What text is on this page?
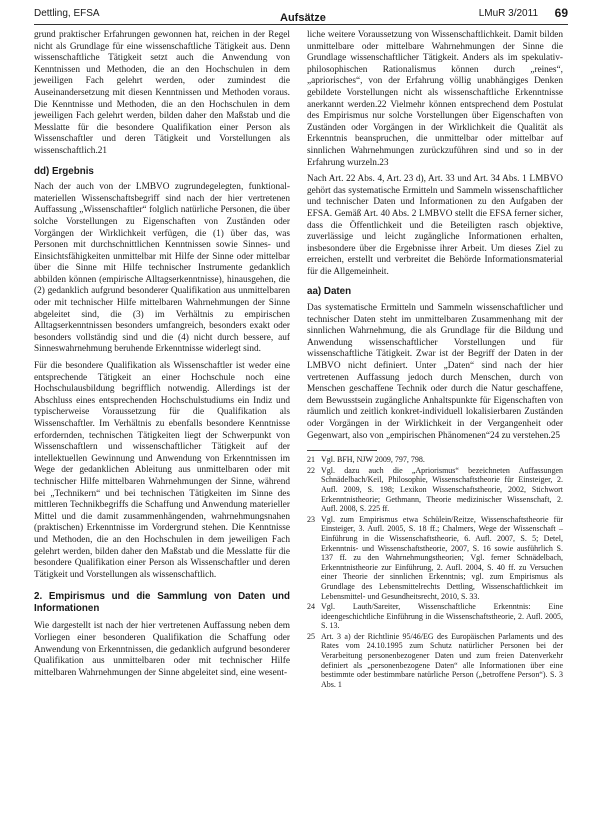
Dettling, EFSA	Aufsätze	LMuR 3/2011 69

grund praktischer Erfahrungen gewonnen hat, reichen in der Regel nicht als Grundlage für eine wissenschaftliche Tätigkeit aus. Denn wissenschaftliche Tätigkeit setzt auch die Anwendung von Kenntnissen und Methoden, die an den Hochschulen in dem jeweiligen Fach gelehrt werden, oder zumindest die Auseinandersetzung mit diesen Kenntnissen und Methoden voraus. Die Kenntnisse und Methoden, die an den Hochschulen in dem jeweiligen Fach gelehrt werden, bilden daher den Maßstab und die Messlatte für die besondere Qualifikation einer Person als Wissenschaftler und deren Tätigkeit und Vorstellungen als wissenschaftlich.21

dd) Ergebnis

Nach der auch von der LMBVO zugrundegelegten, funktional-materiellen Wissenschaftsbegriff sind nach der hier vertretenen Auffassung „Wissenschaftler“ folglich natürliche Personen, die über solche Vorstellungen zu Eigenschaften von Zuständen oder Vorgängen der Wirklichkeit verfügen, die (1) über das, was Personen mit durchschnittlichen Kenntnissen sowie Sinnes- und Einsichtsfähigkeiten unmittelbar mit Hilfe der Sinne oder mittelbar über die Sinne mit Hilfe technischer Instrumente gedanklich abbilden können (empirische Alltagserkenntnisse), hinausgehen, die (2) gedanklich aufgrund besonderer Qualifikation aus unmittelbaren oder mit technischer Hilfe mittelbaren Wahrnehmungen der Sinne abgeleitet sind, die (3) im Verhältnis zu empirischen Alltagserkenntnissen besonders umfangreich, besonders exakt oder besonders vollständig sind und die (4) nicht durch bessere, auf Sinneswahrnehmung beruhende Erkenntnisse widerlegt sind.

Für die besondere Qualifikation als Wissenschaftler ist weder eine entsprechende Tätigkeit an einer Hochschule noch eine Hochschulausbildung begrifflich notwendig. Allerdings ist der Abschluss eines entsprechenden Hochschulstudiums ein Indiz und typischerweise Voraussetzung für die Qualifikation als Wissenschaftler. Im Verhältnis zu ebenfalls besondere Kenntnisse erfordernden, technischen Tätigkeiten liegt der Schwerpunkt von Wissenschaftlern und wissenschaftlicher Tätigkeit auf der intellektuellen Gewinnung und Anwendung von Erkenntnissen im Wege der gedanklichen Ableitung aus unmittelbaren oder mit technischer Hilfe mittelbaren Wahrnehmungen der Sinne, während bei „Technikern“ und bei technischen Tätigkeiten im Sinne des mittleren Technikbegriffs die Schaffung und Anwendung materieller Mittel und die damit zusammenhängenden, wahrnehmungsnahen (praktischen) Erkenntnisse im Vordergrund stehen. Die Kenntnisse und Methoden, die an den Hochschulen in dem jeweiligen Fach gelehrt werden, bilden daher den Maßstab und die Messlatte für die besondere Qualifikation einer Person als Wissenschaftler und deren Tätigkeit und Vorstellungen als wissenschaftlich.

2. Empirismus und die Sammlung von Daten und Informationen

Wie dargestellt ist nach der hier vertretenen Auffassung neben dem Vorliegen einer besonderen Qualifikation die Schaffung oder Anwendung von Erkenntnissen, die gedanklich aufgrund besonderer Qualifikation aus unmittelbaren oder mit technischer Hilfe mittelbaren Wahrnehmungen der Sinne abgeleitet sind, eine wesent-

liche weitere Voraussetzung von Wissenschaftlichkeit. Damit bilden unmittelbare oder mittelbare Wahrnehmungen der Sinne die Grundlage wissenschaftlicher Tätigkeit. Anders als im spekulativ-philosophischen Rationalismus können durch „reines“, „apriorisches“, von der Erfahrung völlig unabhängiges Denken gebildete Vorstellungen nicht als wissenschaftliche Erkenntnisse anerkannt werden.22 Vielmehr können entsprechend dem Postulat des Empirismus nur solche Vorstellungen über Eigenschaften von Zuständen oder Vorgängen in der Wirklichkeit die Qualität als Erkenntnis beanspruchen, die unmittelbar oder mittelbar auf sinnlichen Wahrnehmungen zurückzuführen sind und so in der Erfahrung wurzeln.23

Nach Art. 22 Abs. 4, Art. 23 d), Art. 33 und Art. 34 Abs. 1 LMBVO gehört das systematische Ermitteln und Sammeln wissenschaftlicher und technischer Daten und Informationen zu den Aufgaben der EFSA. Gemäß Art. 40 Abs. 2 LMBVO stellt die EFSA ferner sicher, dass die Öffentlichkeit und die Beteiligten rasch objektive, zuverlässige und leicht zugängliche Informationen erhalten, insbesondere über die Ergebnisse ihrer Arbeit. Um dieses Ziel zu erreichen, erstellt und verbreitet die Behörde Informationsmaterial für die Allgemeinheit.

aa) Daten

Das systematische Ermitteln und Sammeln wissenschaftlicher und technischer Daten steht im unmittelbaren Zusammenhang mit der sinnlichen Wahrnehmung, die als Grundlage für die Bildung und Anwendung wissenschaftlicher Vorstellungen und für wissenschaftliche Tätigkeit. Zwar ist der Begriff der Daten in der LMBVO nicht definiert. Unter „Daten“ sind nach der hier vertretenen Auffassung jedoch durch Menschen, durch von Menschen geschaffene Technik oder durch die Natur geschaffene, dem Bewusstsein zugängliche Anhaltspunkte für Eigenschaften von räumlich und zeitlich konkret-individuell lokalisierbaren Zuständen oder Vorgängen in der Wirklichkeit in der Vergangenheit oder Gegenwart, also von „empirischen Phänomenen“24 zu verstehen.25

21 Vgl. BFH, NJW 2009, 797, 798.
22 Vgl. dazu auch die „Apriorismus“ bezeichneten Auffassungen Schnädelbach/Keil, Philosophie, Wissenschaftstheorie für Einsteiger, 2. Aufl. 2009, S. 198; Lexikon Wissenschaftstheorie, 2002, Stichwort Erkenntnistheorie; Gethmann, Theorie medizinischer Wissenschaft, 2. Aufl. 2008, S. 225 ff.
23 Vgl. zum Empirismus etwa Schülein/Reitze, Wissenschaftstheorie für Einsteiger, 3. Aufl. 2005, S. 18 ff.; Chalmers, Wege der Wissenschaft – Einführung in die Wissenschaftstheorie, 6. Aufl. 2007, S. 5; Detel, Erkenntnis- und Wissenschaftstheorie, 2007, S. 16 sowie ausführlich S. 137 ff. zu den Wahrnehmungstheorien; Vgl. ferner Schnädelbach, Erkenntnistheorie zur Einführung, 2. Aufl. 2004, S. 40 ff. zu Versuchen einer Theorie der sinnlichen Erkenntnis; vgl. zum Empirismus als Grundlage des Lebensmittelrechts Dettling, Wissenschaftlichkeit im Lebensmittel- und Gesundheitsrecht, 2010, S. 33.
24 Vgl. Lauth/Sareiter, Wissenschaftliche Erkenntnis: Eine ideengeschichtliche Einführung in die Wissenschaftstheorie, 2. Aufl. 2005, S. 13.
25 Art. 3 a) der Richtlinie 95/46/EG des Europäischen Parlaments und des Rates vom 24.10.1995 zum Schutz natürlicher Personen bei der Verarbeitung personenbezogener Daten und zum freien Datenverkehr definiert als „personenbezogene Daten“ alle Informationen über eine bestimmte oder bestimmbare natürliche Person („betroffene Person“). S. 3 Abs. 1
